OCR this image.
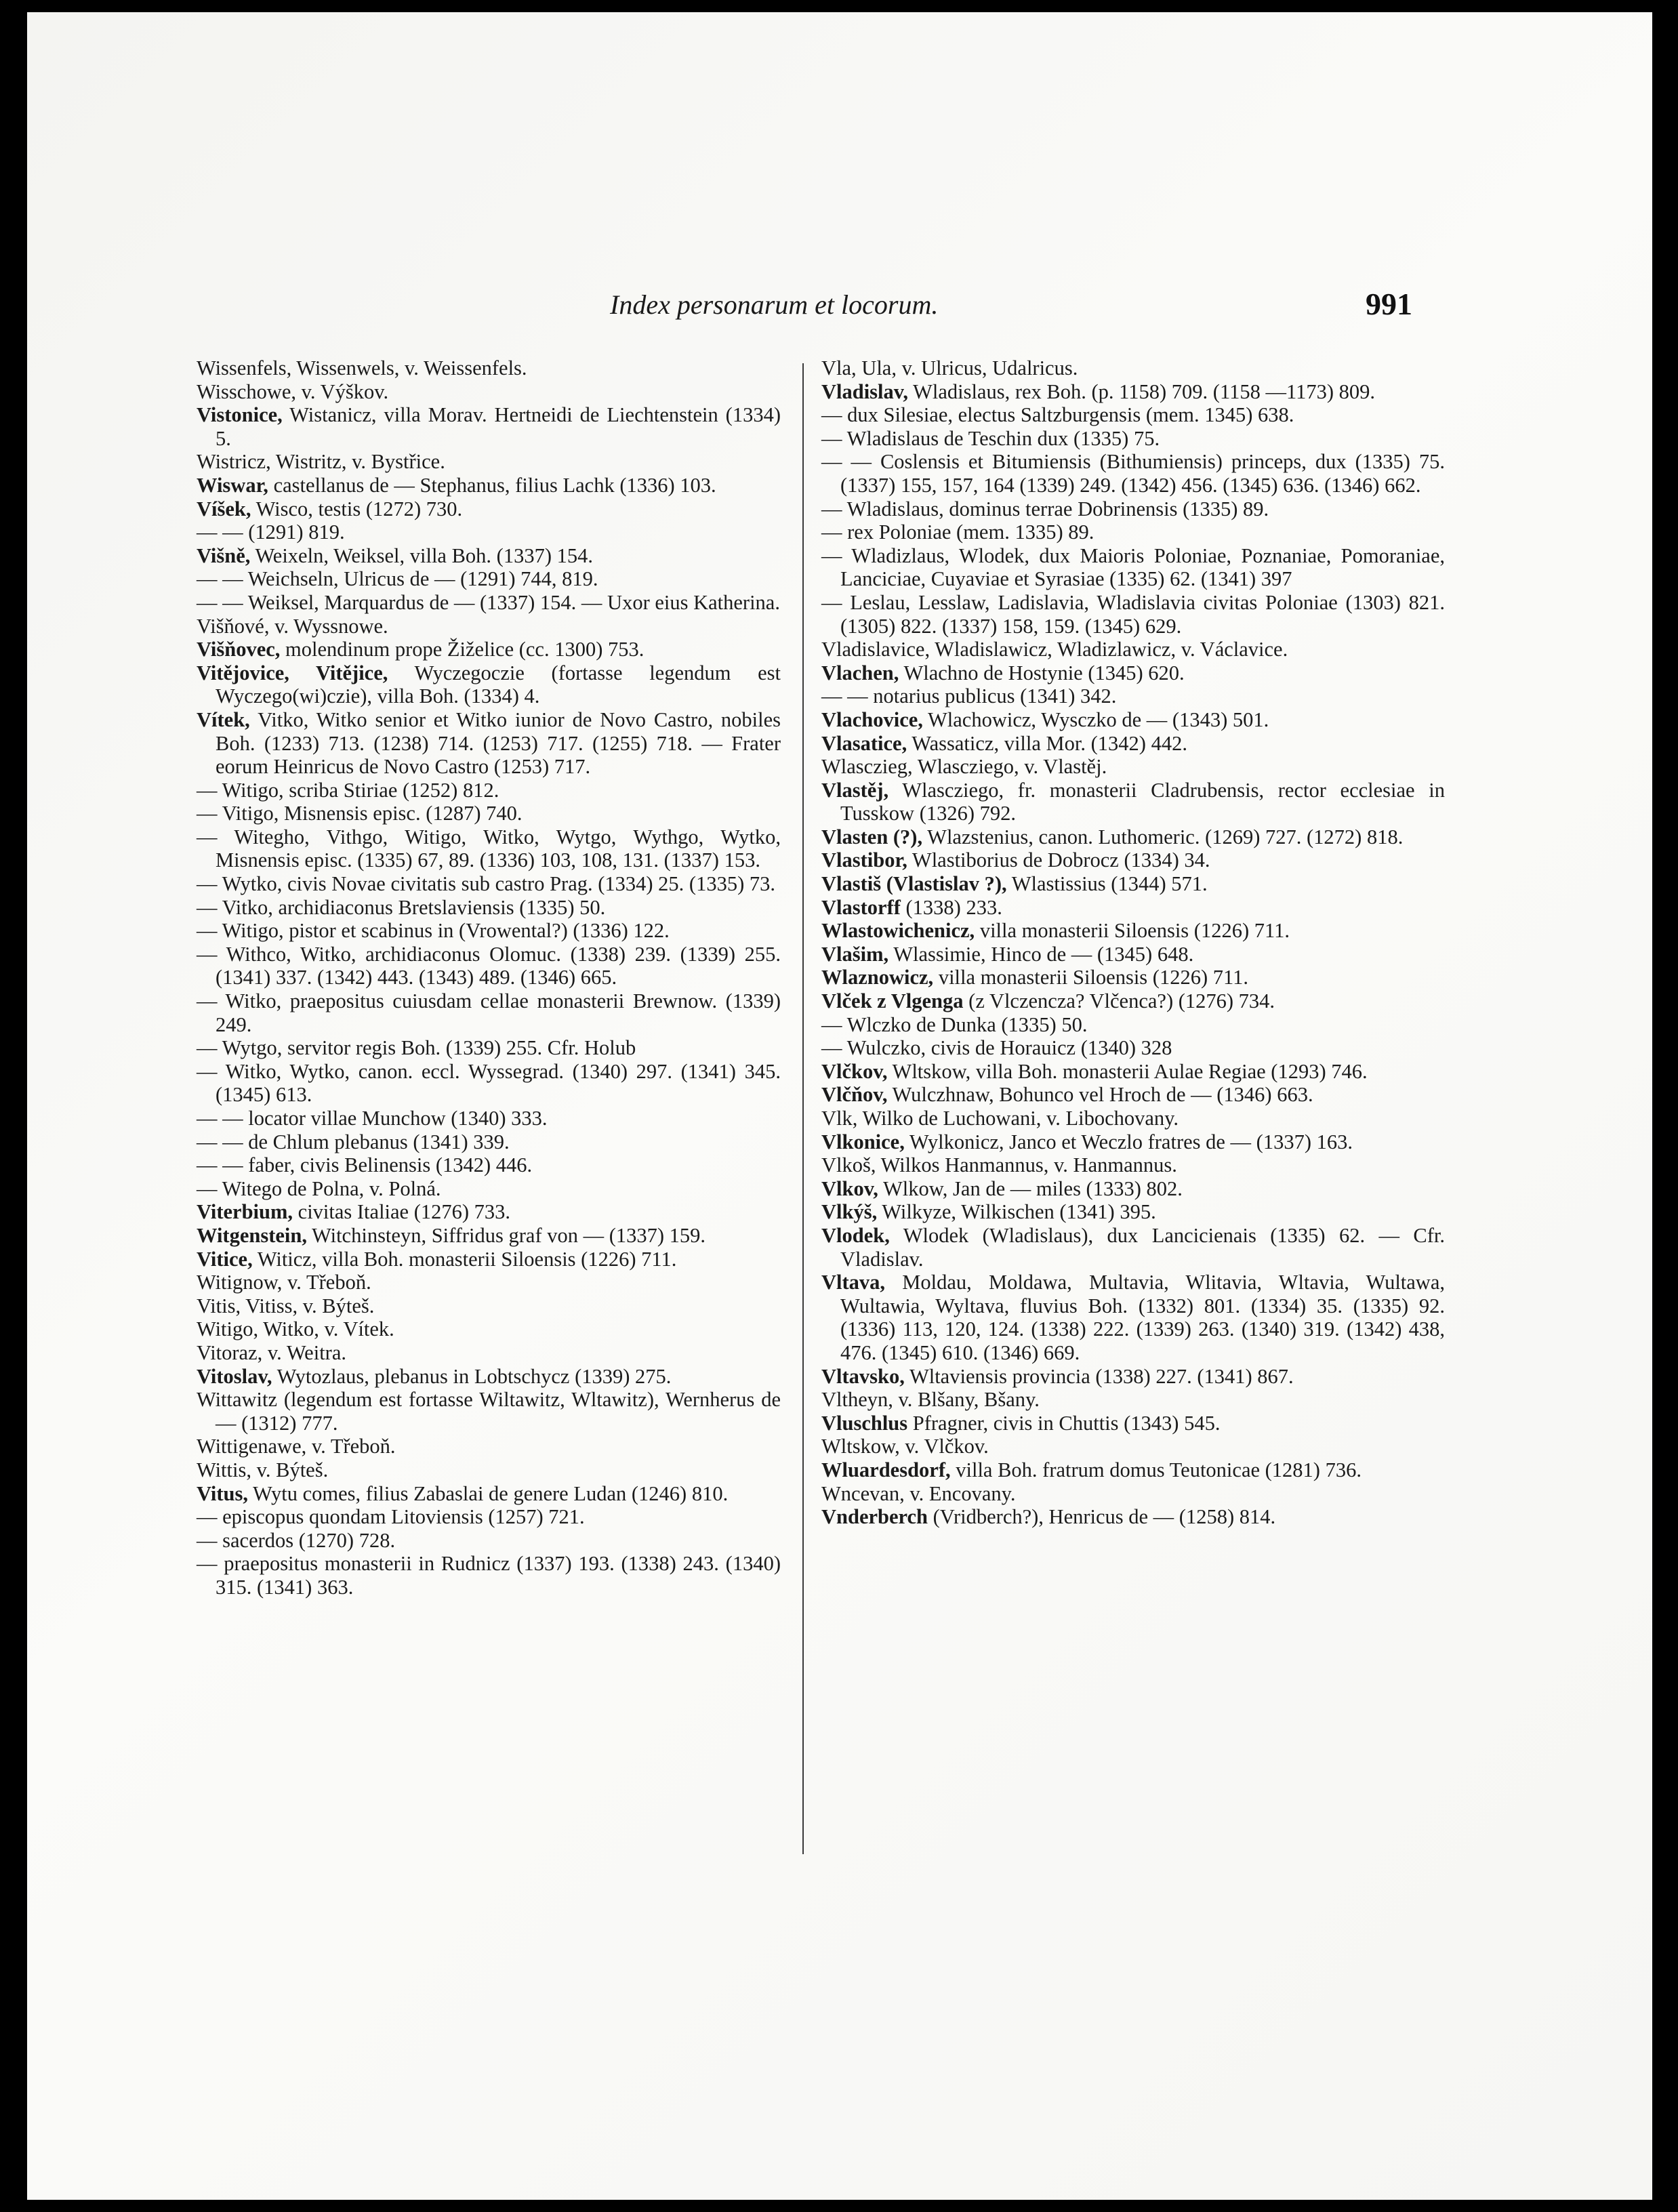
Index personarum et locorum.	991
Wissenfels, Wissenwels, v. Weissenfels.
Wisschowe, v. Výškov.
Vistonice, Wistanicz, villa Morav. Hertneidi de Liechtenstein (1334) 5.
Wistricz, Wistritz, v. Bystřice.
Wiswar, castellanus de — Stephanus, filius Lachk (1336) 103.
Víšek, Wisco, testis (1272) 730.
— — (1291) 819.
Višně, Weixeln, Weiksel, villa Boh. (1337) 154.
— — Weichseln, Ulricus de — (1291) 744, 819.
— — Weiksel, Marquardus de — (1337) 154. — Uxor eius Katherina.
Višňové, v. Wyssnowe.
Višňovec, molendinum prope Žiželice (cc. 1300) 753.
Vitějovice, Vitějice, Wyczegoczie (fortasse legendum est Wyczego(wi)czie), villa Boh. (1334) 4.
Vítek, Vitko, Witko senior et Witko iunior de Novo Castro, nobiles Boh. (1233) 713. (1238) 714. (1253) 717. (1255) 718. — Frater eorum Heinricus de Novo Castro (1253) 717.
— Witigo, scriba Stiriae (1252) 812.
— Vitigo, Misnensis episc. (1287) 740.
— Witegho, Vithgo, Witigo, Witko, Wytgo, Wythgo, Wytko, Misnensis episc. (1335) 67, 89. (1336) 103, 108, 131. (1337) 153.
— Wytko, civis Novae civitatis sub castro Prag. (1334) 25. (1335) 73.
— Vitko, archidiaconus Bretslaviensis (1335) 50.
— Witigo, pistor et scabinus in (Vrowental?) (1336) 122.
— Withco, Witko, archidiaconus Olomuc. (1338) 239. (1339) 255. (1341) 337. (1342) 443. (1343) 489. (1346) 665.
— Witko, praepositus cuiusdam cellae monasterii Brewnow. (1339) 249.
— Wytgo, servitor regis Boh. (1339) 255. Cfr. Holub
— Witko, Wytko, canon. eccl. Wyssegrad. (1340) 297. (1341) 345. (1345) 613.
— — locator villae Munchow (1340) 333.
— — de Chlum plebanus (1341) 339.
— — faber, civis Belinensis (1342) 446.
— Witego de Polna, v. Polná.
Viterbium, civitas Italiae (1276) 733.
Witgenstein, Witchinsteyn, Siffridus graf von — (1337) 159.
Vitice, Witicz, villa Boh. monasterii Siloensis (1226) 711.
Witignow, v. Třeboň.
Vitis, Vitiss, v. Býteš.
Witigo, Witko, v. Vítek.
Vitoraz, v. Weitra.
Vitoslav, Wytozlaus, plebanus in Lobtschycz (1339) 275.
Wittawitz (legendum est fortasse Wiltawitz, Wltawitz), Wernherus de — (1312) 777.
Wittigenawe, v. Třeboň.
Wittis, v. Býteš.
Vitus, Wytu comes, filius Zabaslai de genere Ludan (1246) 810.
— episcopus quondam Litoviensis (1257) 721.
— sacerdos (1270) 728.
— praepositus monasterii in Rudnicz (1337) 193. (1338) 243. (1340) 315. (1341) 363.
Vla, Ula, v. Ulricus, Udalricus.
Vladislav, Wladislaus, rex Boh. (p. 1158) 709. (1158 —1173) 809.
— dux Silesiae, electus Saltzburgensis (mem. 1345) 638.
— Wladislaus de Teschin dux (1335) 75.
— — Coslensis et Bitumiensis (Bithumiensis) princeps, dux (1335) 75. (1337) 155, 157, 164 (1339) 249. (1342) 456. (1345) 636. (1346) 662.
— Wladislaus, dominus terrae Dobrinensis (1335) 89.
— rex Poloniae (mem. 1335) 89.
— Wladizlaus, Wlodek, dux Maioris Poloniae, Poznaniae, Pomoraniae, Lanciciae, Cuyaviae et Syrasiae (1335) 62. (1341) 397
— Leslau, Lesslaw, Ladislavia, Wladislavia civitas Poloniae (1303) 821. (1305) 822. (1337) 158, 159. (1345) 629.
Vladislavice, Wladislawicz, Wladizlawicz, v. Václavice.
Vlachen, Wlachno de Hostynie (1345) 620.
— — notarius publicus (1341) 342.
Vlachovice, Wlachowicz, Wysczko de — (1343) 501.
Vlasatice, Wassaticz, villa Mor. (1342) 442.
Wlasczieg, Wlascziego, v. Vlastěj.
Vlastěj, Wlascziego, fr. monasterii Cladrubensis, rector ecclesiae in Tusskow (1326) 792.
Vlasten (?), Wlazstenius, canon. Luthomeric. (1269) 727. (1272) 818.
Vlastibor, Wlastiborius de Dobrocz (1334) 34.
Vlastiš (Vlastislav ?), Wlastissius (1344) 571.
Vlastorff (1338) 233.
Wlastowichenicz, villa monasterii Siloensis (1226) 711.
Vlašim, Wlassimie, Hinco de — (1345) 648.
Wlaznowicz, villa monasterii Siloensis (1226) 711.
Vlček z Vlgenga (z Vlczencza? Vlčenca?) (1276) 734.
— Wlczko de Dunka (1335) 50.
— Wulczko, civis de Horauicz (1340) 328
Vlčkov, Wltskow, villa Boh. monasterii Aulae Regiae (1293) 746.
Vlčňov, Wulczhnaw, Bohunco vel Hroch de — (1346) 663.
Vlk, Wilko de Luchowani, v. Libochovany.
Vlkonice, Wylkonicz, Janco et Weczlo fratres de — (1337) 163.
Vlkoš, Wilkos Hanmannus, v. Hanmannus.
Vlkov, Wlkow, Jan de — miles (1333) 802.
Vlkýš, Wilkyze, Wilkischen (1341) 395.
Vlodek, Wlodek (Wladislaus), dux Lancicienais (1335) 62. — Cfr. Vladislav.
Vltava, Moldau, Moldawa, Multavia, Wlitavia, Wltavia, Wultawa, Wultawia, Wyltava, fluvius Boh. (1332) 801. (1334) 35. (1335) 92. (1336) 113, 120, 124. (1338) 222. (1339) 263. (1340) 319. (1342) 438, 476. (1345) 610. (1346) 669.
Vltavsko, Wltaviensis provincia (1338) 227. (1341) 867.
Vltheyn, v. Blšany, Bšany.
Vluschlus Pfragner, civis in Chuttis (1343) 545.
Wltskow, v. Vlčkov.
Wluardesdorf, villa Boh. fratrum domus Teutonicae (1281) 736.
Wncevan, v. Encovany.
Vnderberch (Vridberch?), Henricus de — (1258) 814.
